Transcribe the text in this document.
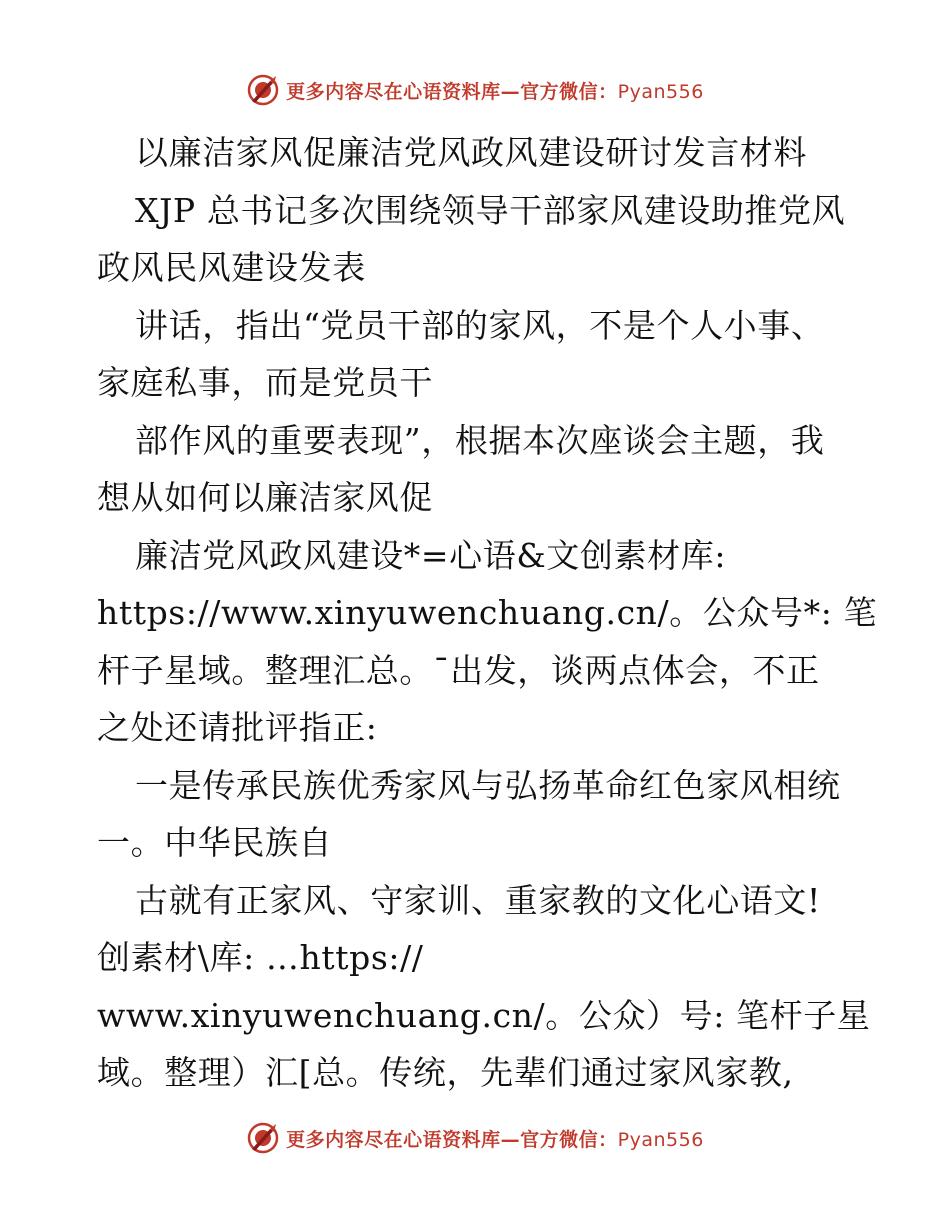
更多内容尽在心语资料库—官方微信：Pyan556
以廉洁家风促廉洁党风政风建设研讨发言材料
XJP 总书记多次围绕领导干部家风建设助推党风
政风民风建设发表
讲话，指出“党员干部的家风，不是个人小事、
家庭私事，而是党员干
部作风的重要表现”，根据本次座谈会主题，我
想从如何以廉洁家风促
廉洁党风政风建设*=心语&文创素材库:
https://www.xinyuwenchuang.cn/。公众号*: 笔
杆子星域。整理汇总。¯出发，谈两点体会，不正
之处还请批评指正:
一是传承民族优秀家风与弘扬革命红色家风相统
一。中华民族自
古就有正家风、守家训、重家教的文化心语文!
创素材\库: …https://
www.xinyuwenchuang.cn/。公众）号: 笔杆子星
域。整理）汇[总。传统，先辈们通过家风家教,
更多内容尽在心语资料库—官方微信：Pyan556
